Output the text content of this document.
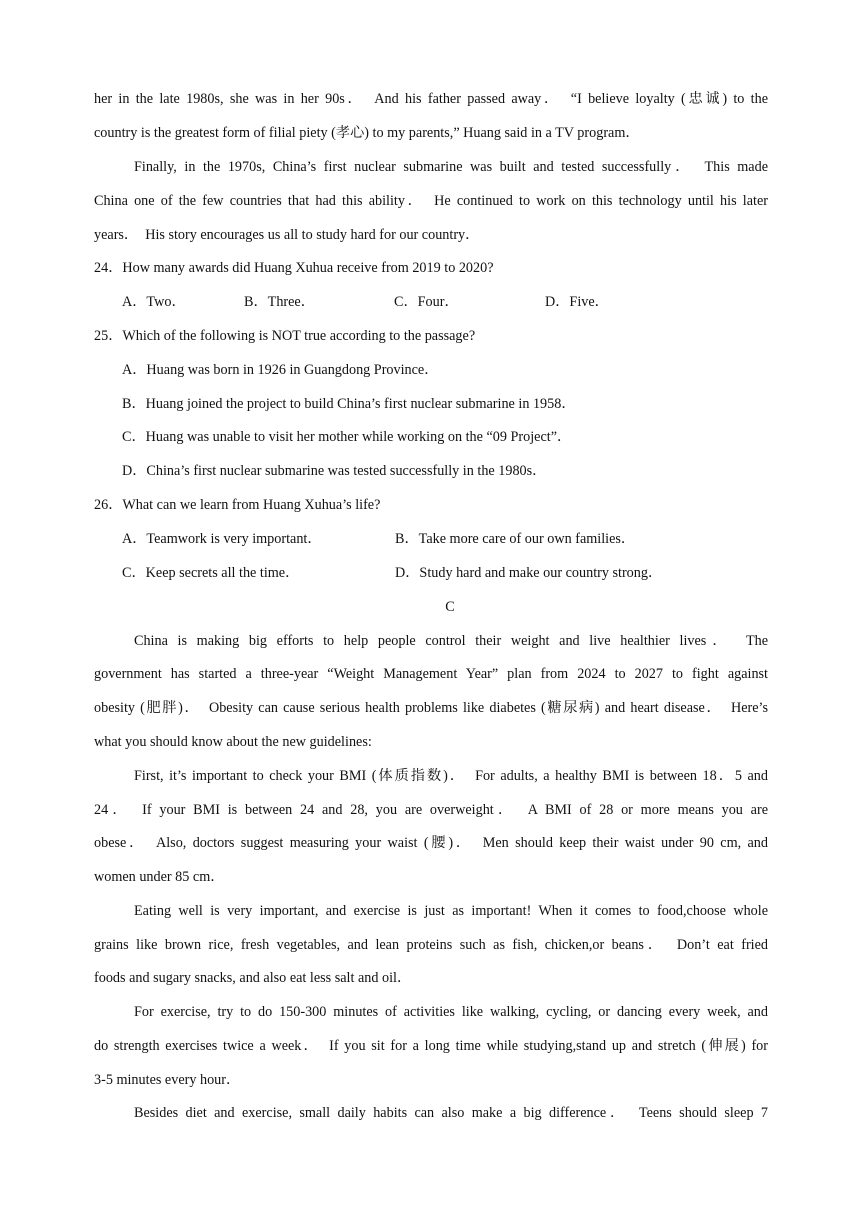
her in the late 1980s, she was in her 90s．　And his father passed away．　“I believe loyalty (忠诚) to the
country is the greatest form of filial piety (孝心) to my parents,” Huang said in a TV program．
Finally, in the 1970s, China’s first nuclear submarine was built and tested successfully．　This made
China one of the few countries that had this ability．　He continued to work on this technology until his later
years．　His story encourages us all to study hard for our country．
24．How many awards did Huang Xuhua receive from 2019 to 2020?
A．Two．	B．Three．	C．Four．	D．Five．
25．Which of the following is NOT true according to the passage?
A．Huang was born in 1926 in Guangdong Province．
B．Huang joined the project to build China’s first nuclear submarine in 1958．
C．Huang was unable to visit her mother while working on the “09 Project”．
D．China’s first nuclear submarine was tested successfully in the 1980s．
26．What can we learn from Huang Xuhua’s life?
A．Teamwork is very important．	B．Take more care of our own families．
C．Keep secrets all the time．	D．Study hard and make our country strong．
C
China is making big efforts to help people control their weight and live healthier lives．　The
government has started a three-year “Weight Management Year” plan from 2024 to 2027 to fight against
obesity (肥胖)．　Obesity can cause serious health problems like diabetes (糖尿病) and heart disease．　Here’s
what you should know about the new guidelines:
First, it’s important to check your BMI (体质指数)．　For adults, a healthy BMI is between 18．5 and
24．　If your BMI is between 24 and 28, you are overweight．　A BMI of 28 or more means you are
obese．　Also, doctors suggest measuring your waist (腰)．　Men should keep their waist under 90 cm, and
women under 85 cm．
Eating well is very important, and exercise is just as important! When it comes to food,choose whole
grains like brown rice, fresh vegetables, and lean proteins such as fish, chicken,or beans．　Don’t eat fried
foods and sugary snacks, and also eat less salt and oil．
For exercise, try to do 150-300 minutes of activities like walking, cycling, or dancing every week, and
do strength exercises twice a week．　If you sit for a long time while studying,stand up and stretch (伸展) for
3-5 minutes every hour．
Besides diet and exercise, small daily habits can also make a big difference．　Teens should sleep 7
